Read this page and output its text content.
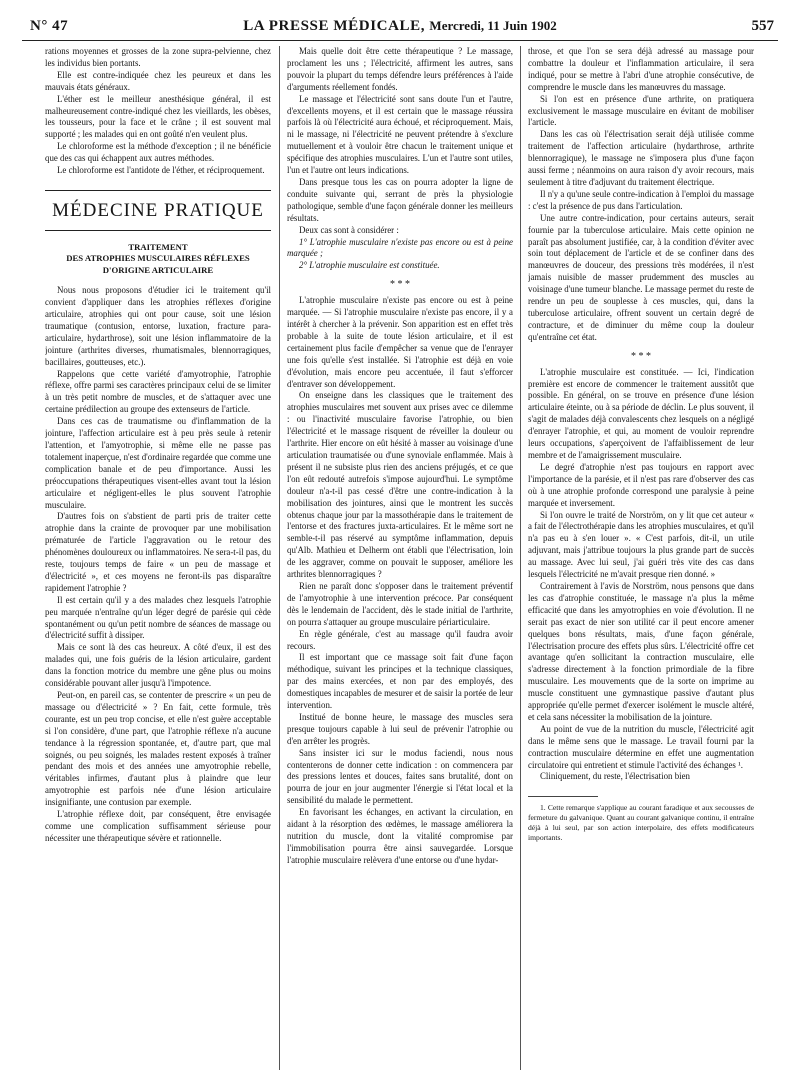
N° 47	LA PRESSE MÉDICALE, Mercredi, 11 Juin 1902	557

rations moyennes et grosses de la zone supra-pelvienne, chez les individus bien portants.

Elle est contre-indiquée chez les peureux et dans les mauvais états généraux.

L'éther est le meilleur anesthésique général, il est malheureusement contre-indiqué chez les vieillards, les obèses, les tousseurs, pour la face et le crâne ; il est souvent mal supporté ; les malades qui en ont goûté n'en veulent plus.

Le chloroforme est la méthode d'exception ; il ne bénéficie que des cas qui échappent aux autres méthodes.

Le chloroforme est l'antidote de l'éther, et réciproquement.

MÉDECINE PRATIQUE
TRAITEMENT
DES ATROPHIES MUSCULAIRES RÉFLEXES
D'ORIGINE ARTICULAIRE

Nous nous proposons d'étudier ici le traitement qu'il convient d'appliquer dans les atrophies réflexes d'origine articulaire, atrophies qui ont pour cause, soit une lésion traumatique (contusion, entorse, luxation, fracture para-articulaire, hydarthrose), soit une lésion inflammatoire de la jointure (arthrites diverses, rhumatismales, blennorragiques, bacillaires, goutteuses, etc.).

Rappelons que cette variété d'amyotrophie, l'atrophie réflexe, offre parmi ses caractères principaux celui de se limiter à un très petit nombre de muscles, et de s'attaquer avec une certaine prédilection au groupe des extenseurs de l'article.

Dans ces cas de traumatisme ou d'inflammation de la jointure, l'affection articulaire est à peu près seule à retenir l'attention, et l'amyotrophie, si même elle ne passe pas totalement inaperçue, n'est d'ordinaire regardée que comme une complication banale et de peu d'importance. Aussi les préoccupations thérapeutiques visent-elles avant tout la lésion articulaire et négligent-elles le plus souvent l'atrophie musculaire.

D'autres fois on s'abstient de parti pris de traiter cette atrophie dans la crainte de provoquer par une mobilisation prématurée de l'article l'aggravation ou le retour des phénomènes douloureux ou inflammatoires. Ne sera-t-il pas, du reste, toujours temps de faire « un peu de massage et d'électricité », et ces moyens ne feront-ils pas disparaître rapidement l'atrophie ?

Il est certain qu'il y a des malades chez lesquels l'atrophie peu marquée n'entraîne qu'un léger degré de parésie qui cède spontanément ou qu'un petit nombre de séances de massage ou d'électricité suffit à dissiper.

Mais ce sont là des cas heureux. A côté d'eux, il est des malades qui, une fois guéris de la lésion articulaire, gardent dans la fonction motrice du membre une gêne plus ou moins considérable pouvant aller jusqu'à l'impotence.

Peut-on, en pareil cas, se contenter de prescrire « un peu de massage ou d'électricité » ? En fait, cette formule, très courante, est un peu trop concise, et elle n'est guère acceptable si l'on considère, d'une part, que l'atrophie réflexe n'a aucune tendance à la régression spontanée, et, d'autre part, que mal soignés, ou peu soignés, les malades restent exposés à traîner pendant des mois et des années une amyotrophie rebelle, véritables infirmes, d'autant plus à plaindre que leur amyotrophie est parfois née d'une lésion articulaire insignifiante, une contusion par exemple.

L'atrophie réflexe doit, par conséquent, être envisagée comme une complication suffisamment sérieuse pour nécessiter une thérapeutique sévère et rationnelle.

Mais quelle doit être cette thérapeutique ? Le massage, proclament les uns ; l'électricité, affirment les autres, sans pouvoir la plupart du temps défendre leurs préférences à l'aide d'arguments réellement fondés.

Le massage et l'électricité sont sans doute l'un et l'autre, d'excellents moyens, et il est certain que le massage réussira parfois là où l'électricité aura échoué, et réciproquement. Mais, ni le massage, ni l'électricité ne peuvent prétendre à s'exclure mutuellement et à vouloir être chacun le traitement unique et spécifique des atrophies musculaires. L'un et l'autre sont utiles, l'un et l'autre ont leurs indications.

Dans presque tous les cas on pourra adopter la ligne de conduite suivante qui, serrant de près la physiologie pathologique, semble d'une façon générale donner les meilleurs résultats.

Deux cas sont à considérer :

1° L'atrophie musculaire n'existe pas encore ou est à peine marquée ;

2° L'atrophie musculaire est constituée.

* * *

L'atrophie musculaire n'existe pas encore ou est à peine marquée. — Si l'atrophie musculaire n'existe pas encore, il y a intérêt à chercher à la prévenir. Son apparition est en effet très probable à la suite de toute lésion articulaire, et il est certainement plus facile d'empêcher sa venue que de l'enrayer une fois qu'elle s'est installée. Si l'atrophie est déjà en voie d'évolution, mais encore peu accentuée, il faut s'efforcer d'entraver son développement.

On enseigne dans les classiques que le traitement des atrophies musculaires met souvent aux prises avec ce dilemme : ou l'inactivité musculaire favorise l'atrophie, ou bien l'électricité et le massage risquent de réveiller la douleur ou l'arthrite. Hier encore on eût hésité à masser au voisinage d'une articulation traumatisée ou d'une synoviale enflammée. Mais à présent il ne subsiste plus rien des anciens préjugés, et ce que l'on eût redouté autrefois s'impose aujourd'hui. Le symptôme douleur n'a-t-il pas cessé d'être une contre-indication à la mobilisation des jointures, ainsi que le montrent les succès obtenus chaque jour par la massothérapie dans le traitement de l'entorse et des fractures juxta-articulaires. Et le même sort ne semble-t-il pas réservé au symptôme inflammation, depuis qu'Alb. Mathieu et Delherm ont établi que l'électrisation, loin de les aggraver, comme on pouvait le supposer, améliore les arthrites blennorragiques ?

Rien ne paraît donc s'opposer dans le traitement préventif de l'amyotrophie à une intervention précoce. Par conséquent dès le lendemain de l'accident, dès le stade initial de l'arthrite, on pourra s'attaquer au groupe musculaire périarticulaire.

En règle générale, c'est au massage qu'il faudra avoir recours.

Il est important que ce massage soit fait d'une façon méthodique, suivant les principes et la technique classiques, par des mains exercées, et non par des employés, des domestiques incapables de mesurer et de saisir la portée de leur intervention.

Institué de bonne heure, le massage des muscles sera presque toujours capable à lui seul de prévenir l'atrophie ou d'en arrêter les progrès.

Sans insister ici sur le modus faciendi, nous nous contenterons de donner cette indication : on commencera par des pressions lentes et douces, faites sans brutalité, dont on pourra de jour en jour augmenter l'énergie si l'état local et la sensibilité du malade le permettent.

En favorisant les échanges, en activant la circulation, en aidant à la résorption des œdèmes, le massage améliorera la nutrition du muscle, dont la vitalité compromise par l'immobilisation pourra être ainsi sauvegardée. Lorsque l'atrophie musculaire relèvera d'une entorse ou d'une hydar-

throse, et que l'on se sera déjà adressé au massage pour combattre la douleur et l'inflammation articulaire, il sera indiqué, pour se mettre à l'abri d'une atrophie consécutive, de comprendre le muscle dans les manœuvres du massage.

Si l'on est en présence d'une arthrite, on pratiquera exclusivement le massage musculaire en évitant de mobiliser l'article.

Dans les cas où l'électrisation serait déjà utilisée comme traitement de l'affection articulaire (hydarthrose, arthrite blennorragique), le massage ne s'imposera plus d'une façon aussi ferme ; néanmoins on aura raison d'y avoir recours, mais seulement à titre d'adjuvant du traitement électrique.

Il n'y a qu'une seule contre-indication à l'emploi du massage : c'est la présence de pus dans l'articulation.

Une autre contre-indication, pour certains auteurs, serait fournie par la tuberculose articulaire. Mais cette opinion ne paraît pas absolument justifiée, car, à la condition d'éviter avec soin tout déplacement de l'article et de se confiner dans des manœuvres de douceur, des pressions très modérées, il n'est jamais nuisible de masser prudemment des muscles au voisinage d'une tumeur blanche. Le massage permet du reste de rendre un peu de souplesse à ces muscles, qui, dans la tuberculose articulaire, offrent souvent un certain degré de contracture, et de diminuer du même coup la douleur qu'entraîne cet état.

* * *

L'atrophie musculaire est constituée. — Ici, l'indication première est encore de commencer le traitement aussitôt que possible. En général, on se trouve en présence d'une lésion articulaire éteinte, ou à sa période de déclin. Le plus souvent, il s'agit de malades déjà convalescents chez lesquels on a négligé d'enrayer l'atrophie, et qui, au moment de vouloir reprendre leurs occupations, s'aperçoivent de l'affaiblissement de leur membre et de l'amaigrissement musculaire.

Le degré d'atrophie n'est pas toujours en rapport avec l'importance de la parésie, et il n'est pas rare d'observer des cas où à une atrophie profonde correspond une paralysie à peine marquée et inversement.

Si l'on ouvre le traité de Norström, on y lit que cet auteur « a fait de l'électrothérapie dans les atrophies musculaires, et qu'il n'a pas eu à s'en louer ». « C'est parfois, dit-il, un utile adjuvant, mais j'attribue toujours la plus grande part de succès au massage. Avec lui seul, j'ai guéri très vite des cas dans lesquels l'électricité ne m'avait presque rien donné. »

Contrairement à l'avis de Norström, nous pensons que dans les cas d'atrophie constituée, le massage n'a plus la même efficacité que dans les amyotrophies en voie d'évolution. Il ne serait pas exact de nier son utilité car il peut encore amener quelques bons résultats, mais, d'une façon générale, l'électrisation procure des effets plus sûrs. L'électricité offre cet avantage qu'en sollicitant la contraction musculaire, elle s'adresse directement à la fonction primordiale de la fibre musculaire. Les mouvements que de la sorte on imprime au muscle constituent une gymnastique passive d'autant plus appropriée qu'elle permet d'exercer isolément le muscle altéré, et cela sans nécessiter la mobilisation de la jointure.

Au point de vue de la nutrition du muscle, l'électricité agit dans le même sens que le massage. Le travail fourni par la contraction musculaire détermine en effet une augmentation circulatoire qui entretient et stimule l'activité des échanges ¹.

Cliniquement, du reste, l'électrisation bien

1. Cette remarque s'applique au courant faradique et aux secousses de fermeture du galvanique. Quant au courant galvanique continu, il entraîne déjà à lui seul, par son action interpolaire, des effets modificateurs importants.
